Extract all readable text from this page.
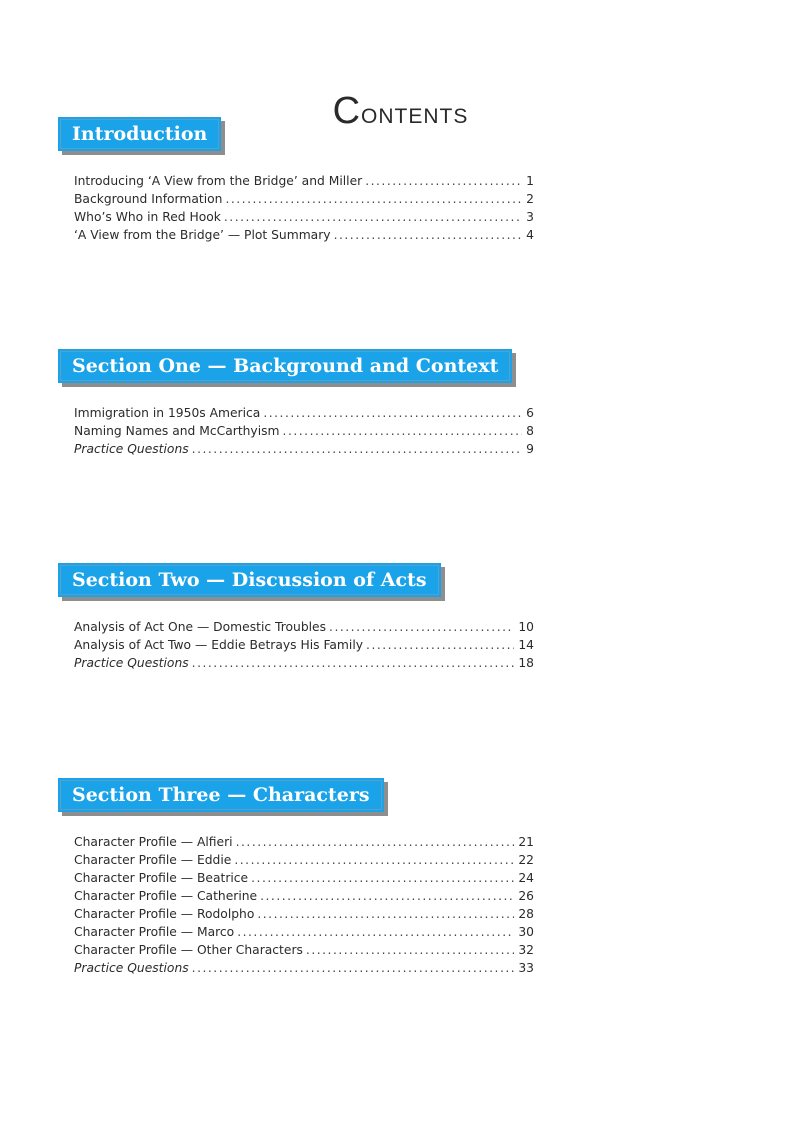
Contents
Introduction
Introducing ‘A View from the Bridge’ and Miller .....	1
Background Information .....	2
Who’s Who in Red Hook .....	3
‘A View from the Bridge’ — Plot Summary .....	4
Section One — Background and Context
Immigration in 1950s America .....	6
Naming Names and McCarthyism .....	8
Practice Questions .....	9
Section Two — Discussion of Acts
Analysis of Act One — Domestic Troubles .....	10
Analysis of Act Two — Eddie Betrays His Family .....	14
Practice Questions .....	18
Section Three — Characters
Character Profile — Alfieri .....	21
Character Profile — Eddie .....	22
Character Profile — Beatrice .....	24
Character Profile — Catherine .....	26
Character Profile — Rodolpho .....	28
Character Profile — Marco .....	30
Character Profile — Other Characters .....	32
Practice Questions .....	33
